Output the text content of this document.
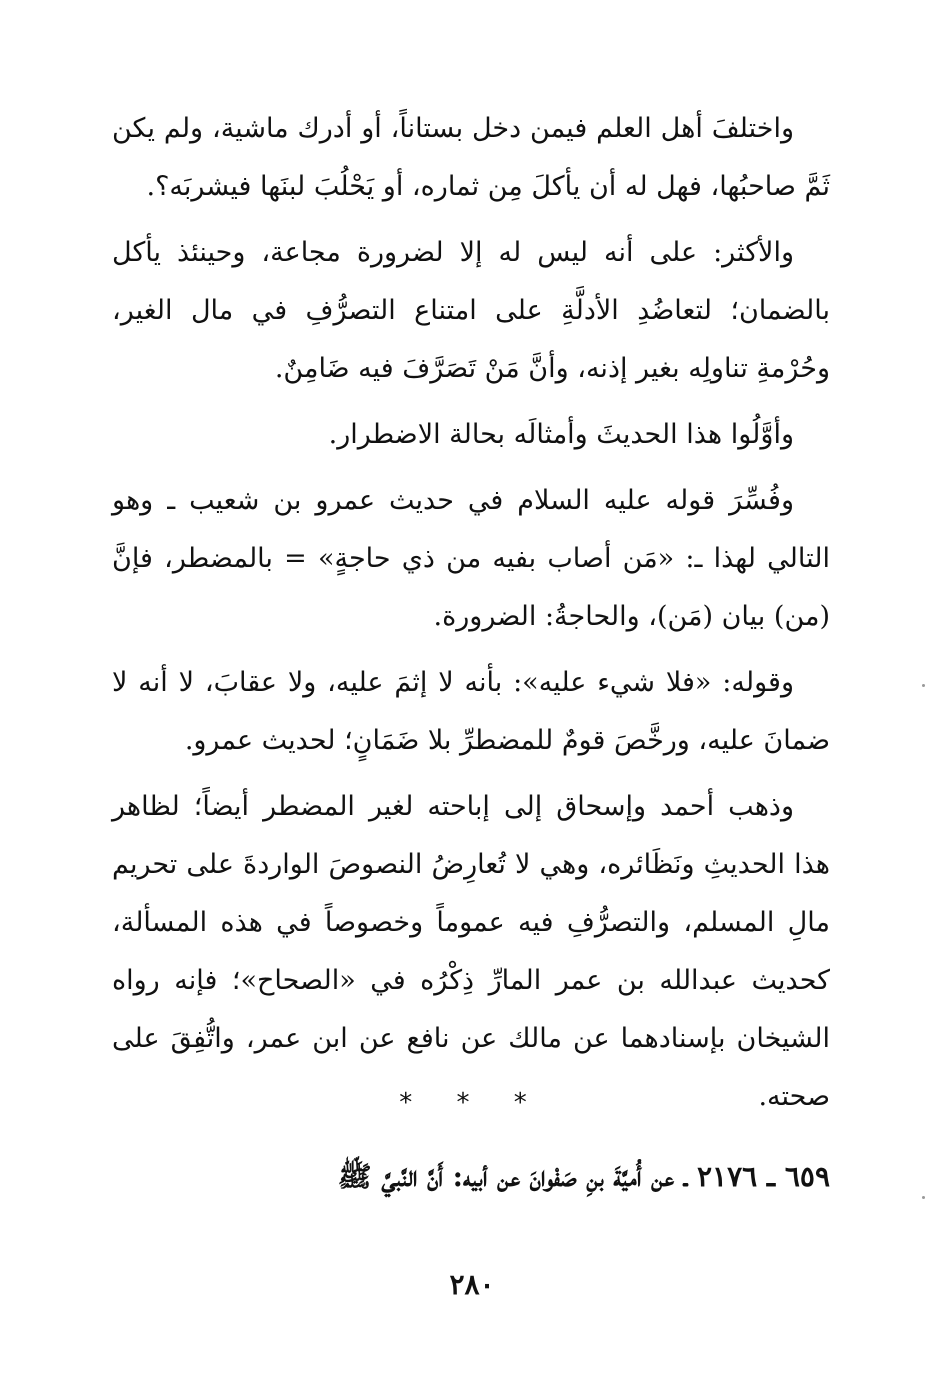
واختلفَ أهل العلم فيمن دخل بستاناً، أو أدرك ماشية، ولم يكن ثَمَّ صاحبُها، فهل له أن يأكلَ مِن ثماره، أو يَحْلُبَ لبنَها فيشربَه؟.

والأكثر: على أنه ليس له إلا لضرورة مجاعة، وحينئذ يأكل بالضمان؛ لتعاضُدِ الأدلَّةِ على امتناع التصرُّفِ في مال الغير، وحُرْمةِ تناولِه بغير إذنه، وأنَّ مَنْ تَصَرَّفَ فيه ضَامِنٌ.

وأوَّلُوا هذا الحديثَ وأمثالَه بحالة الاضطرار.

وفُسِّرَ قوله عليه السلام في حديث عمرو بن شعيب ـ وهو التالي لهذا ـ: «مَن أصاب بفيه من ذي حاجةٍ» = بالمضطر، فإنَّ (من) بيان (مَن)، والحاجةُ: الضرورة.

وقوله: «فلا شيء عليه»: بأنه لا إثمَ عليه، ولا عقابَ، لا أنه لا ضمانَ عليه، ورخَّصَ قومٌ للمضطرِّ بلا ضَمَانٍ؛ لحديث عمرو.

وذهب أحمد وإسحاق إلى إباحته لغير المضطر أيضاً؛ لظاهر هذا الحديثِ ونَظَائره، وهي لا تُعارِضُ النصوصَ الواردةَ على تحريم مالِ المسلم، والتصرُّفِ فيه عموماً وخصوصاً في هذه المسألة، كحديث عبدالله بن عمر المارِّ ذِكْرُه في «الصحاح»؛ فإنه رواه الشيخان بإسنادهما عن مالك عن نافع عن ابن عمر، واتُّفِقَ على صحته.

* * *
٦٥٩ ـ ٢١٧٦ ـ عن أُميَّةَ بنِ صَفْوانَ عن أبيه: أَنَّ النَّبيَّ ﷺ
٢٨٠
